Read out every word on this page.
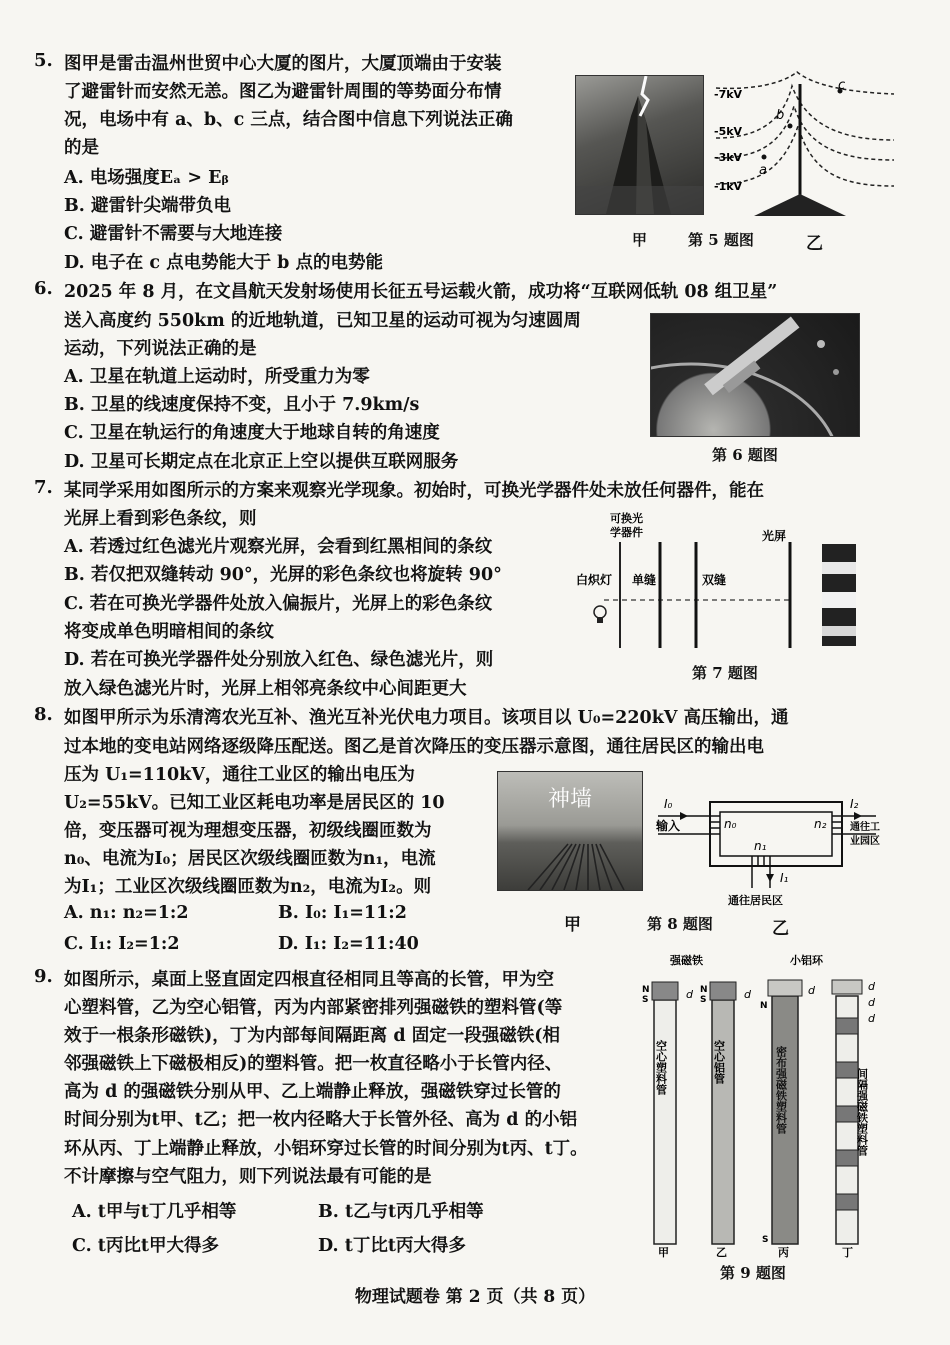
5. 图甲是雷击温州世贸中心大厦的图片，大厦顶端由于安装
了避雷针而安然无恙。图乙为避雷针周围的等势面分布情
况，电场中有 a、b、c 三点，结合图中信息下列说法正确
的是
A. 电场强度Eₐ > Eᵦ
B. 避雷针尖端带负电
C. 避雷针不需要与大地连接
D. 电子在 c 点电势能大于 b 点的电势能
-7kV
-5kV
-3kV
-1kV
a
b
c
甲	第 5 题图	乙
6. 2025 年 8 月，在文昌航天发射场使用长征五号运载火箭，成功将“互联网低轨 08 组卫星”
送入高度约 550km 的近地轨道，已知卫星的运动可视为匀速圆周
运动，下列说法正确的是
A. 卫星在轨道上运动时，所受重力为零
B. 卫星的线速度保持不变，且小于 7.9km/s
C. 卫星在轨运行的角速度大于地球自转的角速度
D. 卫星可长期定点在北京正上空以提供互联网服务	第 6 题图
7. 某同学采用如图所示的方案来观察光学现象。初始时，可换光学器件处未放任何器件，能在
光屏上看到彩色条纹，则
A. 若透过红色滤光片观察光屏，会看到红黑相间的条纹
B. 若仅把双缝转动 90°，光屏的彩色条纹也将旋转 90°
C. 若在可换光学器件处放入偏振片，光屏上的彩色条纹
将变成单色明暗相间的条纹
D. 若在可换光学器件处分别放入红色、绿色滤光片，则
放入绿色滤光片时，光屏上相邻亮条纹中心间距更大
可换光
学器件
白炽灯 单缝	双缝
光屏
第 7 题图
8. 如图甲所示为乐清湾农光互补、渔光互补光伏电力项目。该项目以 U₀=220kV 高压输出，通
过本地的变电站网络逐级降压配送。图乙是首次降压的变压器示意图，通往居民区的输出电
压为 U₁=110kV，通往工业区的输出电压为
U₂=55kV。已知工业区耗电功率是居民区的 10
倍，变压器可视为理想变压器，初级线圈匝数为
n₀、电流为I₀；居民区次级线圈匝数为n₁，电流
为I₁；工业区次级线圈匝数为n₂，电流为I₂。则
A. n₁: n₂=1:2	B. I₀: I₁=11:2
C. I₁: I₂=1:2	D. I₁: I₂=11:40
神墙
甲
I₀
输入	n₀	n₂
n₁
I₂
I₁
通往工
业园区
通往居民区
第 8 题图	乙
9. 如图所示，桌面上竖直固定四根直径相同且等高的长管，甲为空
心塑料管，乙为空心铝管，丙为内部紧密排列强磁铁的塑料管(等
效于一根条形磁铁)，丁为内部每间隔距离 d 固定一段强磁铁(相
邻强磁铁上下磁极相反)的塑料管。把一枚直径略小于长管内径、
高为 d 的强磁铁分别从甲、乙上端静止释放，强磁铁穿过长管的
时间分别为t甲、t乙；把一枚内径略大于长管外径、高为 d 的小铝
环从丙、丁上端静止释放，小铝环穿过长管的时间分别为t丙、t丁。
不计摩擦与空气阻力，则下列说法最有可能的是
A. t甲与t丁几乎相等	B. t乙与t丙几乎相等
C. t丙比t甲大得多	D. t丁比t丙大得多
强磁铁	小铝环
N
S	d
甲
空心塑料管
N
S	d
乙
空心铝管
N
S
d
丙
密布强磁铁塑料管
d
d
d
丁
间隔强磁铁塑料管
第 9 题图
物理试题卷 第 2 页（共 8 页）
